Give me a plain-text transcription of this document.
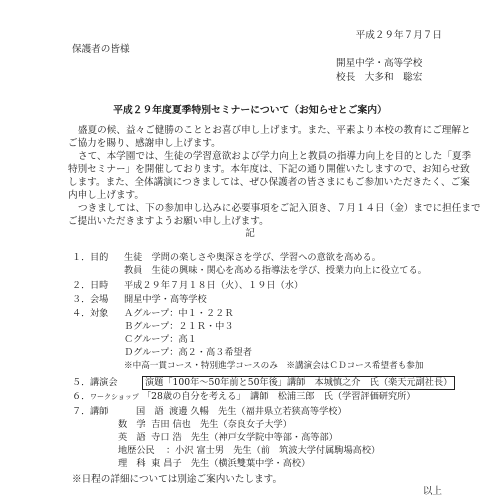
平成２９年７月７日
保護者の皆様
開星中学・高等学校
校長　大多和　聡宏
平成２９年度夏季特別セミナーについて（お知らせとご案内）
盛夏の候、益々ご健勝のこととお喜び申し上げます。また、平素より本校の教育にご理解と
ご協力を賜り、感謝申し上げます。
さて、本学園では、生徒の学習意欲および学力向上と教員の指導力向上を目的とした「夏季
特別セミナー」を開催しております。本年度は、下記の通り開催いたしますので、お知らせ致
します。また、全体講演につきましては、ぜひ保護者の皆さまにもご参加いただきたく、ご案
内申し上げます。
つきましては、下の参加申し込みに必要事項をご記入頂き、７月１４日（金）までに担任まで
ご提出いただきますようお願い申し上げます。
記
１．目的 生徒　学問の楽しさや奥深さを学び、学習への意欲を高める。
教員　生徒の興味・関心を高める指導法を学び、授業力向上に役立てる。
２．日時 平成２９年７月１８日（火）、１９日（水）
３．会場 開星中学・高等学校
４．対象 Ａグループ：中１・２２Ｒ
Ｂグループ：２１Ｒ・中３
Ｃグループ：高１
Ｄグループ：高２・高３希望者
※中高一貫コース・特別進学コースのみ　※講演会はＣＤコース希望者も参加
５．講演会	演題「100年〜50年前と50年後」講師　本城慎之介　氏（楽天元副社長）
６．ワークショップ 「28歳の自分を考える」　講師　松浦三郎　氏（学習評価研究所）
７．講師	国　語：渡邊 久暢　先生（福井県立若狭高等学校）
数　学：吉田 信也　先生（奈良女子大学）
英　語：寺口 浩　先生（神戸女学院中等部・高等部）
地歴公民 ：小沢 富士男　先生（前　筑波大学付属駒場高校）
理　科：東 昌子　先生（横浜雙葉中学・高校）
※日程の詳細については別途ご案内いたします。
以上
